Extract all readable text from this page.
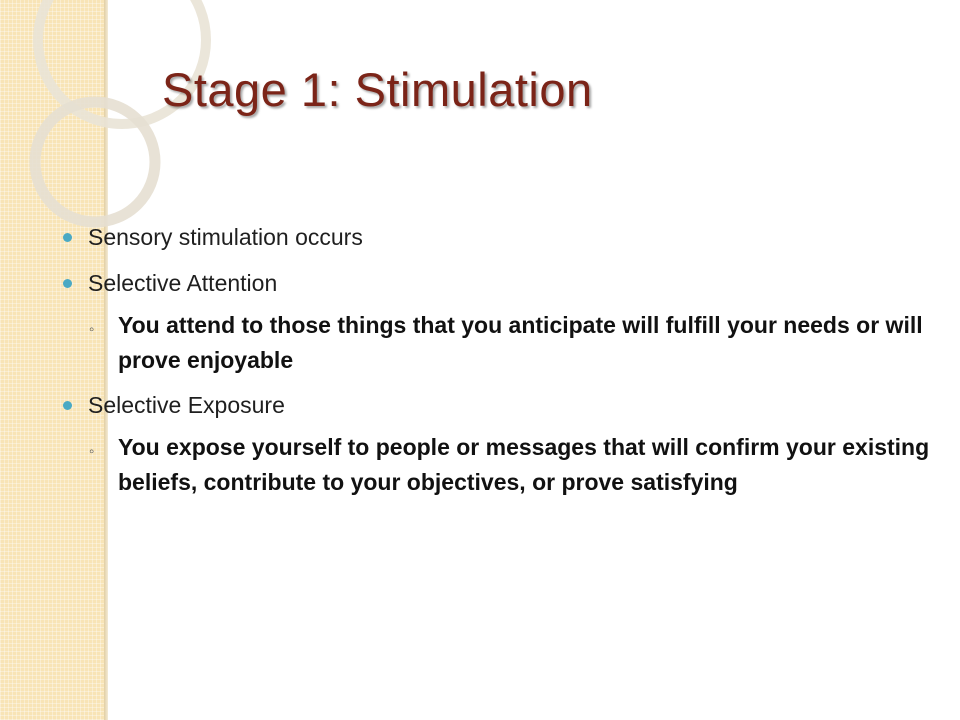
Stage 1: Stimulation
Sensory stimulation occurs
Selective Attention
◦ You attend to those things that you anticipate will fulfill your needs or will prove enjoyable
Selective Exposure
◦ You expose yourself to people or messages that will confirm your existing beliefs, contribute to your objectives, or prove satisfying
